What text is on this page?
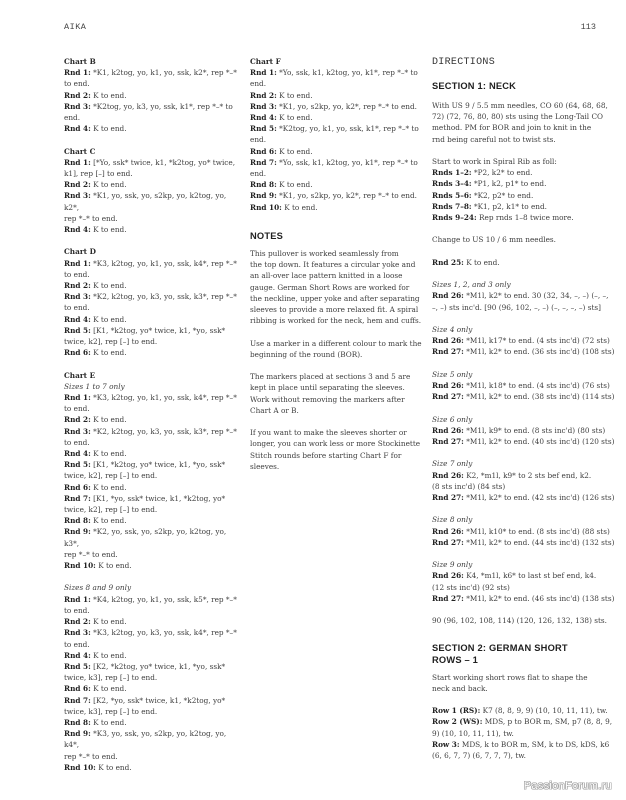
AIKA	113
Chart B
Rnd 1: *K1, k2tog, yo, k1, yo, ssk, k2*, rep *–*
to end.
Rnd 2: K to end.
Rnd 3: *K2tog, yo, k3, yo, ssk, k1*, rep *–* to
end.
Rnd 4: K to end.
Chart C
Rnd 1: [*Yo, ssk* twice, k1, *k2tog, yo* twice,
k1], rep [–] to end.
Rnd 2: K to end.
Rnd 3: *K1, yo, ssk, yo, s2kp, yo, k2tog, yo, k2*,
rep *–* to end.
Rnd 4: K to end.
Chart D
Rnd 1: *K3, k2tog, yo, k1, yo, ssk, k4*, rep *–*
to end.
Rnd 2: K to end.
Rnd 3: *K2, k2tog, yo, k3, yo, ssk, k3*, rep *–*
to end.
Rnd 4: K to end.
Rnd 5: [K1, *k2tog, yo* twice, k1, *yo, ssk*
twice, k2], rep [–] to end.
Rnd 6: K to end.
Chart E
Sizes 1 to 7 only
Rnd 1: *K3, k2tog, yo, k1, yo, ssk, k4*, rep *–*
to end.
Rnd 2: K to end.
Rnd 3: *K2, k2tog, yo, k3, yo, ssk, k3*, rep *–*
to end.
Rnd 4: K to end.
Rnd 5: [K1, *k2tog, yo* twice, k1, *yo, ssk*
twice, k2], rep [–] to end.
Rnd 6: K to end.
Rnd 7: [K1, *yo, ssk* twice, k1, *k2tog, yo*
twice, k2], rep [–] to end.
Rnd 8: K to end.
Rnd 9: *K2, yo, ssk, yo, s2kp, yo, k2tog, yo, k3*,
rep *–* to end.
Rnd 10: K to end.
Sizes 8 and 9 only
Rnd 1: *K4, k2tog, yo, k1, yo, ssk, k5*, rep *–*
to end.
Rnd 2: K to end.
Rnd 3: *K3, k2tog, yo, k3, yo, ssk, k4*, rep *–*
to end.
Rnd 4: K to end.
Rnd 5: [K2, *k2tog, yo* twice, k1, *yo, ssk*
twice, k3], rep [–] to end.
Rnd 6: K to end.
Rnd 7: [K2, *yo, ssk* twice, k1, *k2tog, yo*
twice, k3], rep [–] to end.
Rnd 8: K to end.
Rnd 9: *K3, yo, ssk, yo, s2kp, yo, k2tog, yo, k4*,
rep *–* to end.
Rnd 10: K to end.
Chart F
Rnd 1: *Yo, ssk, k1, k2tog, yo, k1*, rep *–* to
end.
Rnd 2: K to end.
Rnd 3: *K1, yo, s2kp, yo, k2*, rep *–* to end.
Rnd 4: K to end.
Rnd 5: *K2tog, yo, k1, yo, ssk, k1*, rep *–* to
end.
Rnd 6: K to end.
Rnd 7: *Yo, ssk, k1, k2tog, yo, k1*, rep *–* to
end.
Rnd 8: K to end.
Rnd 9: *K1, yo, s2kp, yo, k2*, rep *–* to end.
Rnd 10: K to end.
NOTES
This pullover is worked seamlessly from
the top down. It features a circular yoke and
an all-over lace pattern knitted in a loose
gauge. German Short Rows are worked for
the neckline, upper yoke and after separating
sleeves to provide a more relaxed fit. A spiral
ribbing is worked for the neck, hem and cuffs.
Use a marker in a different colour to mark the
beginning of the round (BOR).
The markers placed at sections 3 and 5 are
kept in place until separating the sleeves.
Work without removing the markers after
Chart A or B.
If you want to make the sleeves shorter or
longer, you can work less or more Stockinette
Stitch rounds before starting Chart F for
sleeves.
DIRECTIONS
SECTION 1: NECK
With US 9 / 5.5 mm needles, CO 60 (64, 68, 68,
72) (72, 76, 80, 80) sts using the Long-Tail CO
method. PM for BOR and join to knit in the
rnd being careful not to twist sts.
Start to work in Spiral Rib as foll:
Rnds 1–2: *P2, k2* to end.
Rnds 3–4: *P1, k2, p1* to end.
Rnds 5–6: *K2, p2* to end.
Rnds 7–8: *K1, p2, k1* to end.
Rnds 9–24: Rep rnds 1–8 twice more.
Change to US 10 / 6 mm needles.
Rnd 25: K to end.
Sizes 1, 2, and 3 only
Rnd 26: *M1l, k2* to end. 30 (32, 34, –, –) (–, –,
–, –) sts inc'd. [90 (96, 102, –, –) (–, –, –, –) sts]
Size 4 only
Rnd 26: *M1l, k17* to end. (4 sts inc'd) (72 sts)
Rnd 27: *M1l, k2* to end. (36 sts inc'd) (108 sts)
Size 5 only
Rnd 26: *M1l, k18* to end. (4 sts inc'd) (76 sts)
Rnd 27: *M1l, k2* to end. (38 sts inc'd) (114 sts)
Size 6 only
Rnd 26: *M1l, k9* to end. (8 sts inc'd) (80 sts)
Rnd 27: *M1l, k2* to end. (40 sts inc'd) (120 sts)
Size 7 only
Rnd 26: K2, *m1l, k9* to 2 sts bef end, k2.
(8 sts inc'd) (84 sts)
Rnd 27: *M1l, k2* to end. (42 sts inc'd) (126 sts)
Size 8 only
Rnd 26: *M1l, k10* to end. (8 sts inc'd) (88 sts)
Rnd 27: *M1l, k2* to end. (44 sts inc'd) (132 sts)
Size 9 only
Rnd 26: K4, *m1l, k6* to last st bef end, k4.
(12 sts inc'd) (92 sts)
Rnd 27: *M1l, k2* to end. (46 sts inc'd) (138 sts)
90 (96, 102, 108, 114) (120, 126, 132, 138) sts.
SECTION 2: GERMAN SHORT
ROWS – 1
Start working short rows flat to shape the
neck and back.
Row 1 (RS): K7 (8, 8, 9, 9) (10, 10, 11, 11), tw.
Row 2 (WS): MDS, p to BOR m, SM, p7 (8, 8, 9,
9) (10, 10, 11, 11), tw.
Row 3: MDS, k to BOR m, SM, k to DS, kDS, k6
(6, 6, 7, 7) (6, 7, 7, 7), tw.
PassionForum.ru
